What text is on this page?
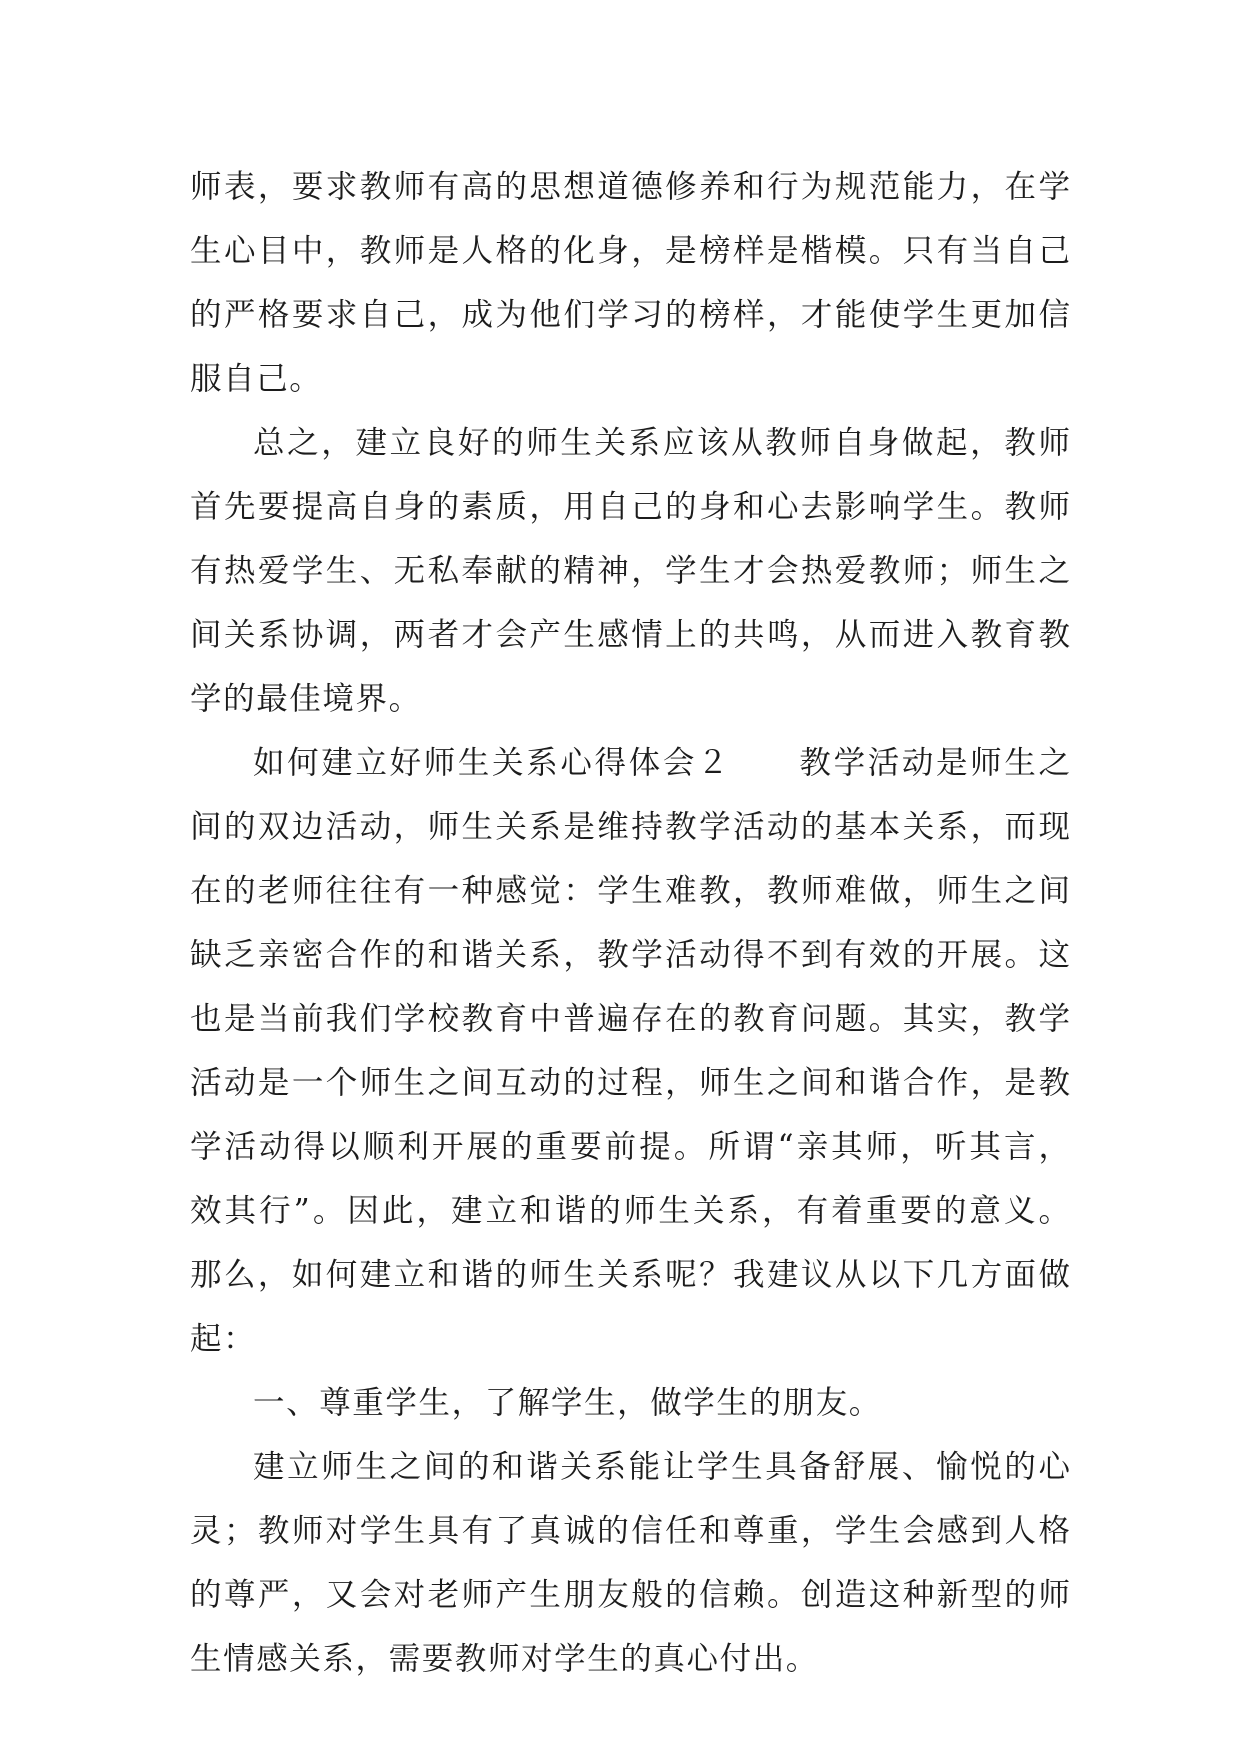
师表，要求教师有高的思想道德修养和行为规范能力，在学
生心目中，教师是人格的化身，是榜样是楷模。只有当自己
的严格要求自己，成为他们学习的榜样，才能使学生更加信
服自己。
总之，建立良好的师生关系应该从教师自身做起，教师
首先要提高自身的素质，用自己的身和心去影响学生。教师
有热爱学生、无私奉献的精神，学生才会热爱教师；师生之
间关系协调，两者才会产生感情上的共鸣，从而进入教育教
学的最佳境界。
如何建立好师生关系心得体会２　　教学活动是师生之
间的双边活动，师生关系是维持教学活动的基本关系，而现
在的老师往往有一种感觉：学生难教，教师难做，师生之间
缺乏亲密合作的和谐关系，教学活动得不到有效的开展。这
也是当前我们学校教育中普遍存在的教育问题。其实，教学
活动是一个师生之间互动的过程，师生之间和谐合作，是教
学活动得以顺利开展的重要前提。所谓“亲其师，听其言，
效其行”。因此，建立和谐的师生关系，有着重要的意义。
那么，如何建立和谐的师生关系呢？我建议从以下几方面做
起：
一、尊重学生，了解学生，做学生的朋友。
建立师生之间的和谐关系能让学生具备舒展、愉悦的心
灵；教师对学生具有了真诚的信任和尊重，学生会感到人格
的尊严，又会对老师产生朋友般的信赖。创造这种新型的师
生情感关系，需要教师对学生的真心付出。
